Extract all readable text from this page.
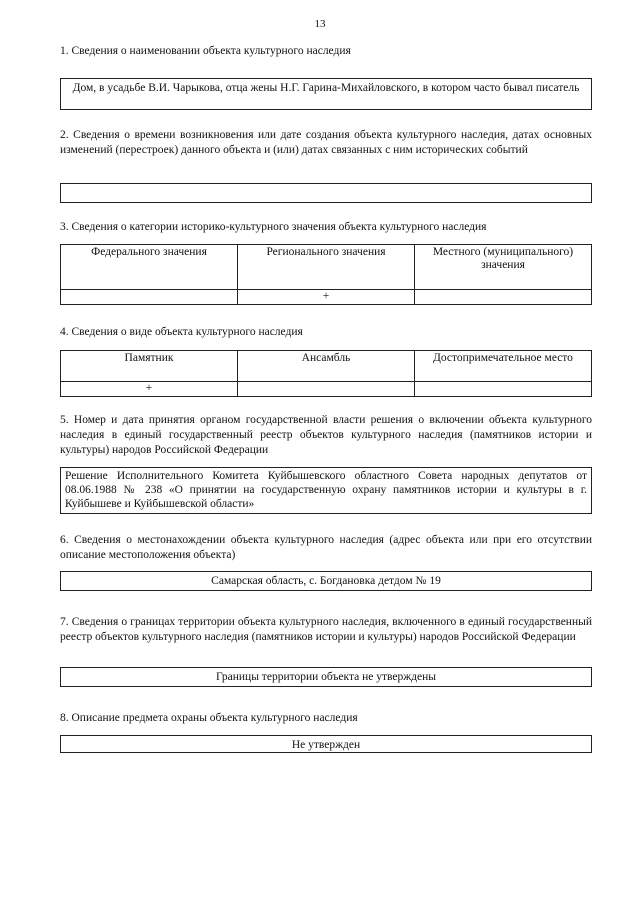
13
1. Сведения о наименовании объекта культурного наследия
Дом, в усадьбе В.И. Чарыкова, отца жены Н.Г. Гарина-Михайловского, в котором часто бывал писатель
2. Сведения о времени возникновения или дате создания объекта культурного наследия, датах основных изменений (перестроек) данного объекта и (или) датах связанных с ним исторических событий
3. Сведения о категории историко-культурного значения объекта культурного наследия
Федерального значения	Регионального значения	Местного (муниципального) значения
	+	
4. Сведения о виде объекта культурного наследия
Памятник	Ансамбль	Достопримечательное место
+		
5. Номер и дата принятия органом государственной власти решения о включении объекта культурного наследия в единый государственный реестр объектов культурного наследия (памятников истории и культуры) народов Российской Федерации
Решение Исполнительного Комитета Куйбышевского областного Совета народных депутатов от 08.06.1988 № 238 «О принятии на государственную охрану памятников истории и культуры в г. Куйбышеве и Куйбышевской области»
6. Сведения о местонахождении объекта культурного наследия (адрес объекта или при его отсутствии описание местоположения объекта)
Самарская область, с. Богдановка детдом № 19
7. Сведения о границах территории объекта культурного наследия, включенного в единый государственный реестр объектов культурного наследия (памятников истории и культуры) народов Российской Федерации
Границы территории объекта не утверждены
8. Описание предмета охраны объекта культурного наследия
Не утвержден
